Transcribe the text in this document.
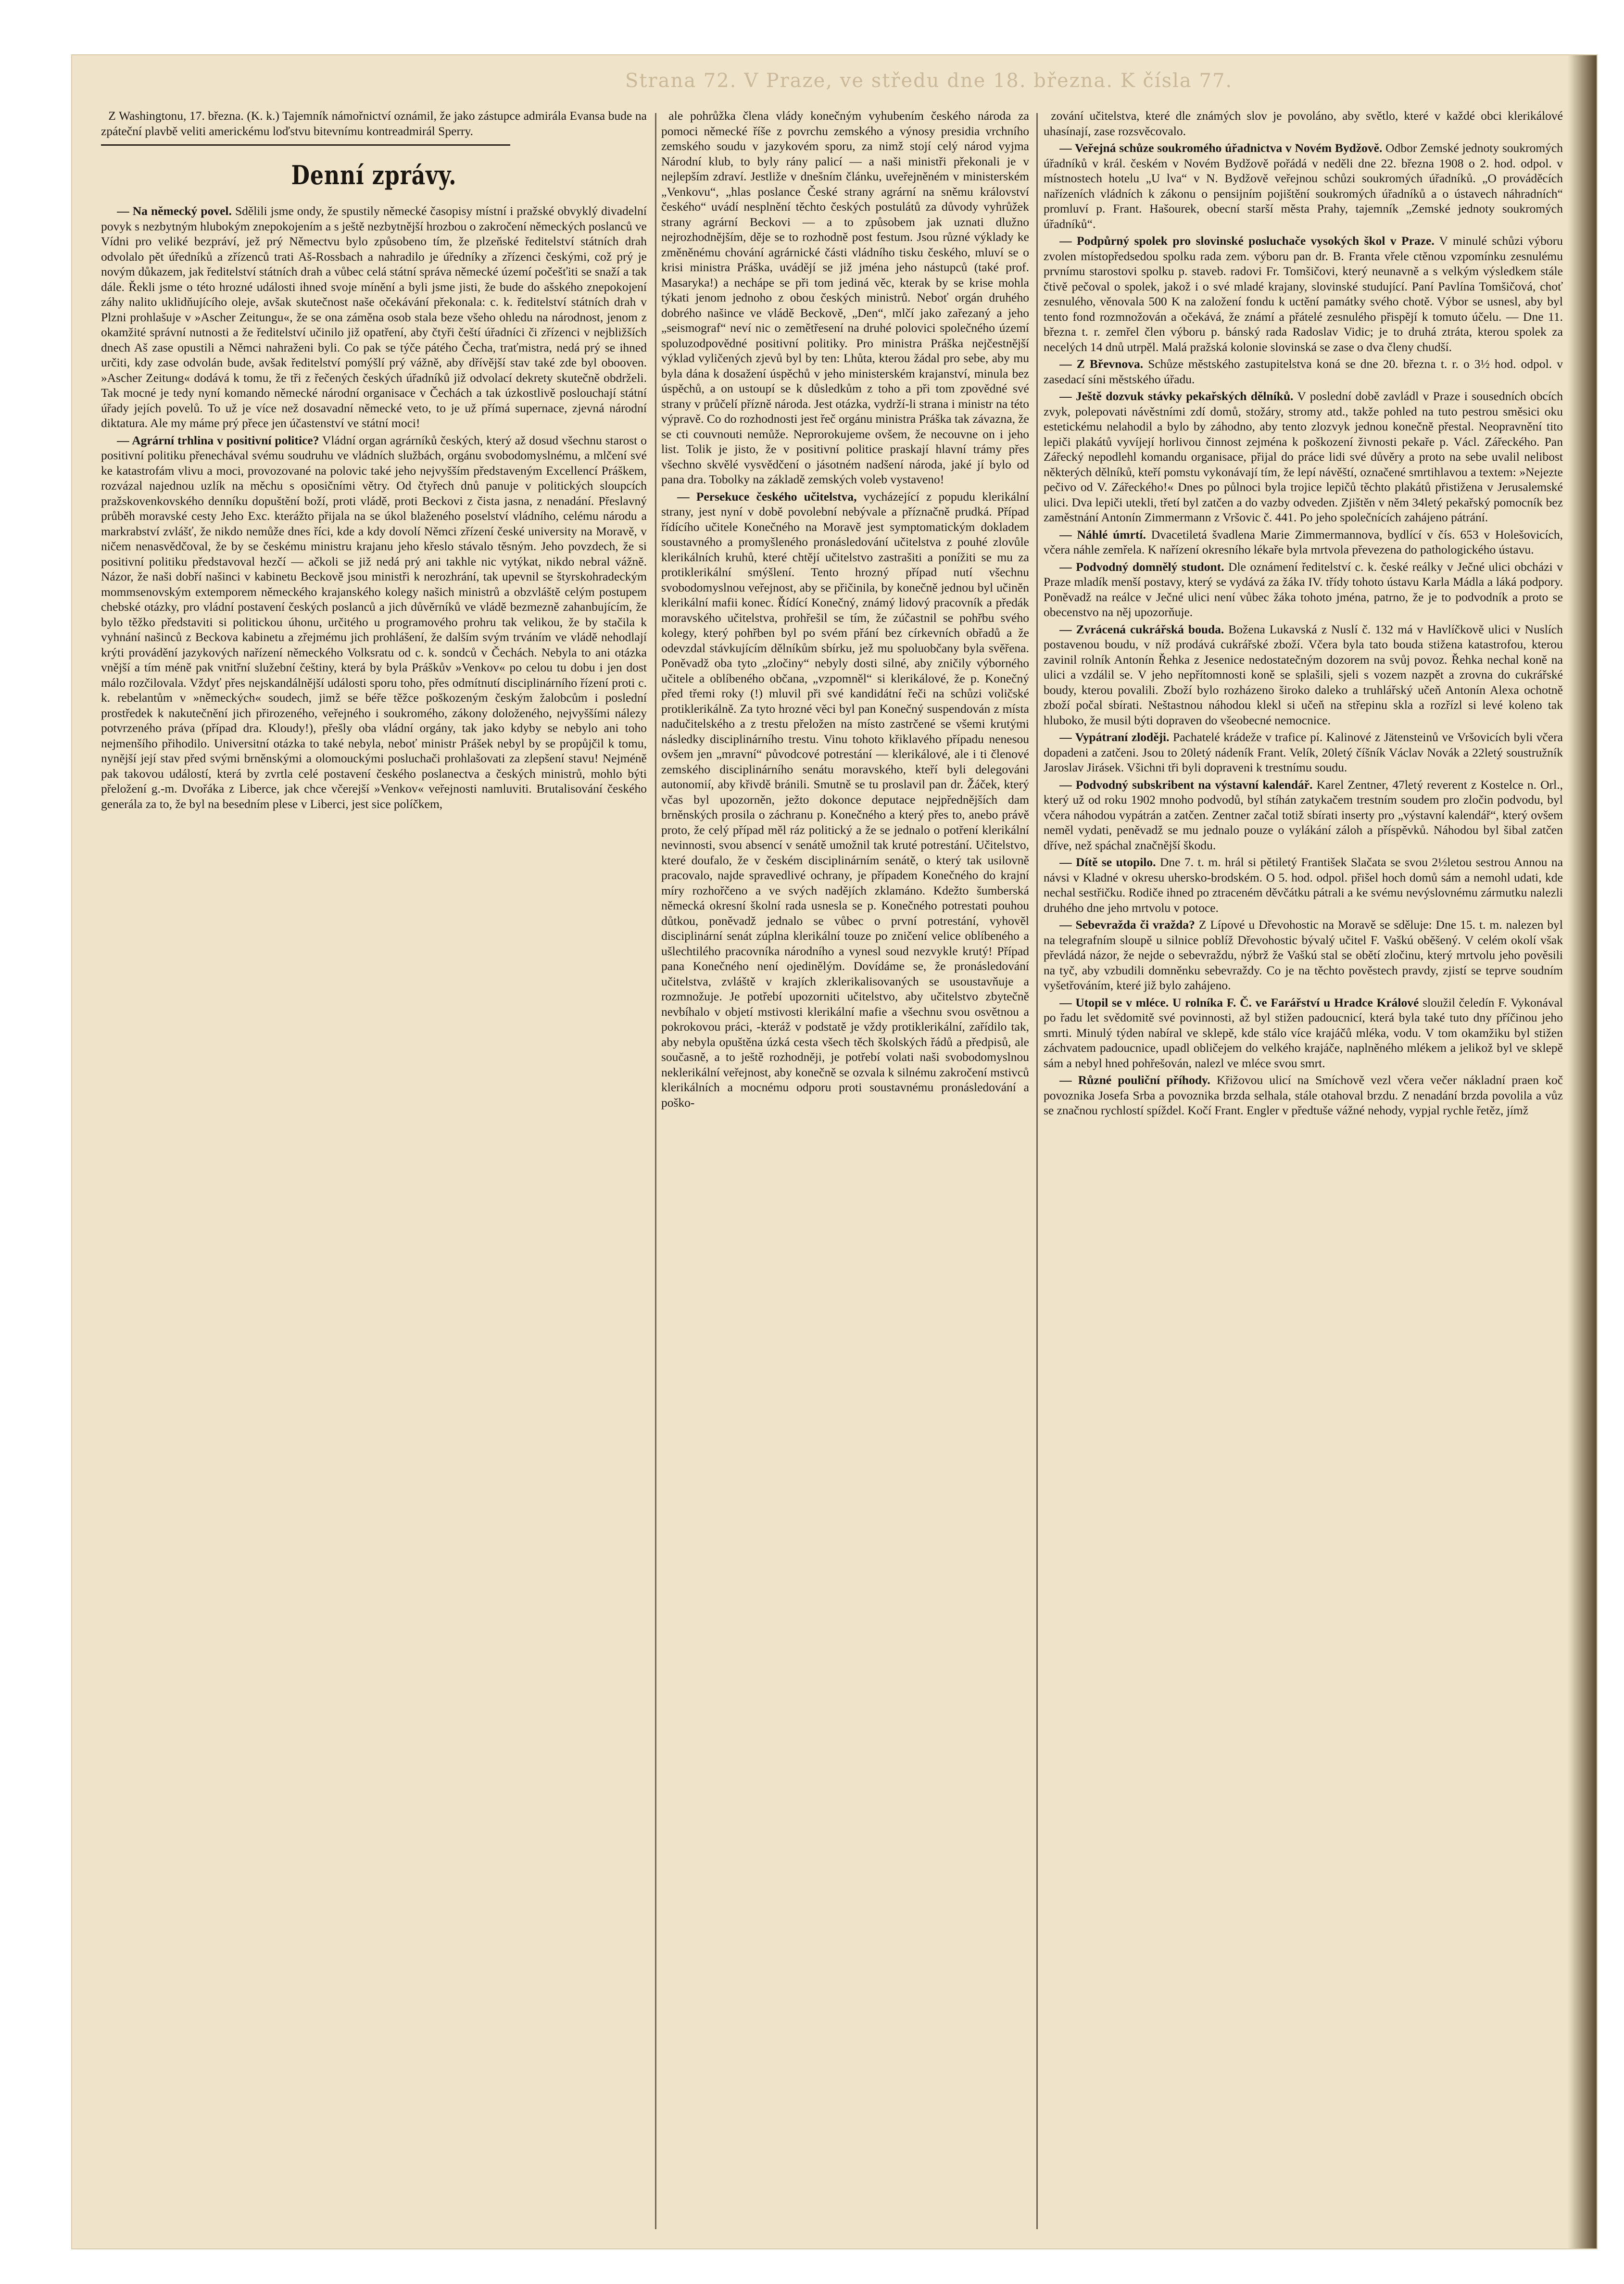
Strana 72. V Praze, ve středu dne 18. března. K čísla 77.

Z Washingtonu, 17. března. (K. k.) Tajemník námořnictví oznámil, že jako zástupce admirála Evansa bude na zpáteční plavbě veliti americkému loďstvu bitevnímu kontreadmirál Sperry.

Denní zprávy.

— Na německý povel. Sdělili jsme ondy, že spustily německé časopisy místní i pražské obvyklý divadelní povyk s nezbytným hlubokým znepokojením a s ještě nezbytnější hrozbou o zakročení německých poslanců ve Vídni pro veliké bezpráví, jež prý Němectvu bylo způsobeno tím, že plzeňské ředitelství státních drah odvolalo pět úředníků a zřízenců trati Aš-Rossbach a nahradilo je úředníky a zřízenci českými, což prý je novým důkazem, jak ředitelství státních drah a vůbec celá státní správa německé území počešťiti se snaží a tak dále. Řekli jsme o této hrozné události ihned svoje mínění a byli jsme jisti, že bude do ašského znepokojení záhy nalito uklidňujícího oleje, avšak skutečnost naše očekávání překonala: c. k. ředitelství státních drah v Plzni prohlašuje v »Ascher Zeitungu«, že se ona záměna osob stala beze všeho ohledu na národnost, jenom z okamžité správní nutnosti a že ředitelství učinilo již opatření, aby čtyři čeští úřadníci či zřízenci v nejbližších dnech Aš zase opustili a Němci nahraženi byli. Co pak se týče pátého Čecha, traťmistra, nedá prý se ihned určiti, kdy zase odvolán bude, avšak ředitelství pomýšlí prý vážně, aby dřívější stav také zde byl obooven. »Ascher Zeitung« dodává k tomu, že tři z řečených českých úřadníků již odvolací dekrety skutečně obdrželi. Tak mocné je tedy nyní komando německé národní organisace v Čechách a tak úzkostlivě poslouchají státní úřady jejích povelů. To už je více než dosavadní německé veto, to je už přímá supernace, zjevná národní diktatura. Ale my máme prý přece jen účastenství ve státní moci!

— Agrární trhlina v positivní politice? Vládní organ agrárníků českých, který až dosud všechnu starost o positivní politiku přenechával svému soudruhu ve vládních službách, orgánu svobodomyslnému, a mlčení své ke katastrofám vlivu a moci, provozované na polovic také jeho nejvyšším představeným Excellencí Práškem, rozvázal najednou uzlík na měchu s oposičními větry. Od čtyřech dnů panuje v politických sloupcích pražskovenkovského denníku dopuštění boží, proti vládě, proti Beckovi z čista jasna, z nenadání. Přeslavný průběh moravské cesty Jeho Exc. kterážto přijala na se úkol blaženého poselství vládního, celému národu a markrabství zvlášť, že nikdo nemůže dnes říci, kde a kdy dovolí Němci zřízení české university na Moravě, v ničem nenasvědčoval, že by se českému ministru krajanu jeho křeslo stávalo těsným. Jeho povzdech, že si positivní politiku představoval hezčí — ačkoli se již nedá prý ani takhle nic vytýkat, nikdo nebral vážně. Názor, že naši dobří našinci v kabinetu Beckově jsou ministři k nerozhrání, tak upevnil se štyrskohradeckým mommsenovským extemporem německého krajanského kolegy našich ministrů a obzvláště celým postupem chebské otázky, pro vládní postavení českých poslanců a jich důvěrníků ve vládě bezmezně zahanbujícím, že bylo těžko představiti si politickou úhonu, určitého u programového prohru tak velikou, že by stačila k vyhnání našinců z Beckova kabinetu a zřejmému jich prohlášení, že dalším svým trváním ve vládě nehodlají krýti provádění jazykových nařízení německého Volksratu od c. k. sondců v Čechách. Nebyla to ani otázka vnější a tím méně pak vnitřní služební češtiny, která by byla Práškův »Venkov« po celou tu dobu i jen dost málo rozčilovala. Vždyť přes nejskandálnější události sporu toho, přes odmítnutí disciplinárního řízení proti c. k. rebelantům v »německých« soudech, jimž se béře těžce poškozeným českým žalobcům i poslední prostředek k nakutečnění jich přirozeného, veřejného i soukromého, zákony doloženého, nejvyššími nálezy potvrzeného práva (případ dra. Kloudy!), přešly oba vládní orgány, tak jako kdyby se nebylo ani toho nejmenšího přihodilo. Universitní otázka to také nebyla, neboť ministr Prášek nebyl by se propůjčil k tomu, nynější její stav před svými brněnskými a olomouckými posluchači prohlašovati za zlepšení stavu! Nejméně pak takovou událostí, která by zvrtla celé postavení českého poslanectva a českých ministrů, mohlo býti přeložení g.-m. Dvořáka z Liberce, jak chce včerejší »Venkov« veřejnosti namluviti. Brutalisování českého generála za to, že byl na besedním plese v Liberci, jest sice políčkem,

ale pohrůžka člena vlády konečným vyhubením českého národa za pomoci německé říše z povrchu zemského a výnosy presidia vrchního zemského soudu v jazykovém sporu, za nimž stojí celý národ vyjma Národní klub, to byly rány palicí — a naši ministři překonali je v nejlepším zdraví. Jestliže v dnešním článku, uveřejněném v ministerském „Venkovu“, „hlas poslance České strany agrární na sněmu království českého“ uvádí nesplnění těchto českých postulátů za důvody vyhrůžek strany agrární Beckovi — a to způsobem jak uznati dlužno nejrozhodnějším, děje se to rozhodně post festum. Jsou různé výklady ke změněnému chování agrárnické části vládního tisku českého, mluví se o krisi ministra Práška, uvádějí se již jména jeho nástupců (také prof. Masaryka!) a nechápe se při tom jediná věc, kterak by se krise mohla týkati jenom jednoho z obou českých ministrů. Neboť orgán druhého dobrého našince ve vládě Beckově, „Den“, mlčí jako zařezaný a jeho „seismograf“ neví nic o zemětřesení na druhé polovici společného území spoluzodpovědné positivní politiky. Pro ministra Práška nejčestnější výklad vyličených zjevů byl by ten: Lhůta, kterou žádal pro sebe, aby mu byla dána k dosažení úspěchů v jeho ministerském krajanství, minula bez úspěchů, a on ustoupí se k důsledkům z toho a při tom zpovědné své strany v průčelí přízně národa. Jest otázka, vydrží-li strana i ministr na této výpravě. Co do rozhodnosti jest řeč orgánu ministra Práška tak závazna, že se cti couvnouti nemůže. Neprorokujeme ovšem, že necouvne on i jeho list. Tolik je jisto, že v positivní politice praskají hlavní trámy přes všechno skvělé vysvědčení o jásotném nadšení národa, jaké jí bylo od pana dra. Tobolky na základě zemských voleb vystaveno!

— Persekuce českého učitelstva, vycházející z popudu klerikální strany, jest nyní v době povolební nebývale a příznačně prudká. Případ řídícího učitele Konečného na Moravě jest symptomatickým dokladem soustavného a promyšleného pronásledování učitelstva z pouhé zlovůle klerikálních kruhů, které chtějí učitelstvo zastrašiti a ponížiti se mu za protiklerikální smýšlení. Tento hrozný případ nutí všechnu svobodomyslnou veřejnost, aby se přičinila, by konečně jednou byl učiněn klerikální mafii konec. Řídící Konečný, známý lidový pracovník a předák moravského učitelstva, prohřešil se tím, že zúčastnil se pohřbu svého kolegy, který pohřben byl po svém přání bez církevních obřadů a že odevzdal stávkujícím dělníkům sbírku, jež mu spoluobčany byla svěřena. Poněvadž oba tyto „zločiny“ nebyly dosti silné, aby zničily výborného učitele a oblíbeného občana, „vzpomněl“ si klerikálové, že p. Konečný před třemi roky (!) mluvil při své kandidátní řeči na schůzi voličské protiklerikálně. Za tyto hrozné věci byl pan Konečný suspendován z místa nadučitelského a z trestu přeložen na místo zastrčené se všemi krutými následky disciplinárního trestu. Vinu tohoto křiklavého případu nenesou ovšem jen „mravní“ původcové potrestání — klerikálové, ale i ti členové zemského disciplinárního senátu moravského, kteří byli delegováni autonomií, aby křivdě bránili. Smutně se tu proslavil pan dr. Žáček, který včas byl upozorněn, ježto dokonce deputace nejpřednějších dam brněnských prosila o záchranu p. Konečného a který přes to, anebo právě proto, že celý případ měl ráz politický a že se jednalo o potření klerikální nevinnosti, svou absencí v senátě umožnil tak kruté potrestání. Učitelstvo, které doufalo, že v českém disciplinárním senátě, o který tak usilovně pracovalo, najde spravedlivé ochrany, je případem Konečného do krajní míry rozhořčeno a ve svých nadějích zklamáno. Kdežto šumberská německá okresní školní rada usnesla se p. Konečného potrestati pouhou důtkou, poněvadž jednalo se vůbec o první potrestání, vyhověl disciplinární senát zúplna klerikální touze po zničení velice oblíbeného a ušlechtilého pracovníka národního a vynesl soud nezvykle krutý! Případ pana Konečného není ojedinělým. Dovídáme se, že pronásledování učitelstva, zvláště v krajích zklerikalisovaných se usoustavňuje a rozmnožuje. Je potřebí upozorniti učitelstvo, aby učitelstvo zbytečně nevbíhalo v objetí mstivosti klerikální mafie a všechnu svou osvětnou a pokrokovou práci, -kteráž v podstatě je vždy protiklerikální, zařídilo tak, aby nebyla opuštěna úzká cesta všech těch školských řádů a předpisů, ale současně, a to ještě rozhodněji, je potřebí volati naši svobodomyslnou neklerikální veřejnost, aby konečně se ozvala k silnému zakročení mstivců klerikálních a mocnému odporu proti soustavnému pronásledování a poško-

zování učitelstva, které dle známých slov je povoláno, aby světlo, které v každé obci klerikálové uhasínají, zase rozsvěcovalo.

— Veřejná schůze soukromého úřadnictva v Novém Bydžově. Odbor Zemské jednoty soukromých úřadníků v král. českém v Novém Bydžově pořádá v neděli dne 22. března 1908 o 2. hod. odpol. v místnostech hotelu „U lva“ v N. Bydžově veřejnou schůzi soukromých úřadníků. „O prováděcích nařízeních vládních k zákonu o pensijním pojištění soukromých úřadníků a o ústavech náhradních“ promluví p. Frant. Hašourek, obecní starší města Prahy, tajemník „Zemské jednoty soukromých úřadníků“.

— Podpůrný spolek pro slovinské posluchače vysokých škol v Praze. V minulé schůzi výboru zvolen místopředsedou spolku rada zem. výboru pan dr. B. Franta vřele ctěnou vzpomínku zesnulému prvnímu starostovi spolku p. staveb. radovi Fr. Tomšičovi, který neunavně a s velkým výsledkem stále čtivě pečoval o spolek, jakož i o své mladé krajany, slovinské studující. Paní Pavlína Tomšičová, choť zesnulého, věnovala 500 K na založení fondu k uctění památky svého chotě. Výbor se usnesl, aby byl tento fond rozmnožován a očekává, že známí a přátelé zesnulého přispějí k tomuto účelu. — Dne 11. března t. r. zemřel člen výboru p. bánský rada Radoslav Vidic; je to druhá ztráta, kterou spolek za necelých 14 dnů utrpěl. Malá pražská kolonie slovinská se zase o dva členy chudší.

— Z Břevnova. Schůze městského zastupitelstva koná se dne 20. března t. r. o 3½ hod. odpol. v zasedací síni městského úřadu.

— Ještě dozvuk stávky pekařských dělníků. V poslední době zavládl v Praze i sousedních obcích zvyk, polepovati návěstními zdí domů, stožáry, stromy atd., takže pohled na tuto pestrou směsici oku estetickému nelahodil a bylo by záhodno, aby tento zlozvyk jednou konečně přestal. Neopravnění tito lepiči plakátů vyvíjejí horlivou činnost zejména k poškození živnosti pekaře p. Václ. Zářeckého. Pan Zářecký nepodlehl komandu organisace, přijal do práce lidi své důvěry a proto na sebe uvalil nelibost některých dělníků, kteří pomstu vykonávají tím, že lepí návěští, označené smrtihlavou a textem: »Nejezte pečivo od V. Zářeckého!« Dnes po půlnoci byla trojice lepičů těchto plakátů přistižena v Jerusalemské ulici. Dva lepiči utekli, třetí byl zatčen a do vazby odveden. Zjištěn v něm 34letý pekařský pomocník bez zaměstnání Antonín Zimmermann z Vršovic č. 441. Po jeho společnících zahájeno pátrání.

— Náhlé úmrtí. Dvacetiletá švadlena Marie Zimmermannova, bydlící v čís. 653 v Holešovicích, včera náhle zemřela. K nařízení okresního lékaře byla mrtvola převezena do pathologického ústavu.

— Podvodný domnělý studont. Dle oznámení ředitelství c. k. české reálky v Ječné ulici obcházi v Praze mladík menší postavy, který se vydává za žáka IV. třídy tohoto ústavu Karla Mádla a láká podpory. Poněvadž na reálce v Ječné ulici není vůbec žáka tohoto jména, patrno, že je to podvodník a proto se obecenstvo na něj upozorňuje.

— Zvrácená cukrářská bouda. Božena Lukavská z Nuslí č. 132 má v Havlíčkově ulici v Nuslích postavenou boudu, v níž prodává cukrářské zboží. Včera byla tato bouda stižena katastrofou, kterou zavinil rolník Antonín Řehka z Jesenice nedostatečným dozorem na svůj povoz. Řehka nechal koně na ulici a vzdálil se. V jeho nepřítomnosti koně se splašili, sjeli s vozem nazpět a zrovna do cukrářské boudy, kterou povalili. Zboží bylo rozházeno široko daleko a truhlářský učeň Antonín Alexa ochotně zboží počal sbírati. Neštastnou náhodou klekl si učeň na střepinu skla a rozřízl si levé koleno tak hluboko, že musil býti dopraven do všeobecné nemocnice.

— Vypátraní zloději. Pachatelé krádeže v trafice pí. Kalinové z Jätensteinů ve Vršovicích byli včera dopadeni a zatčeni. Jsou to 20letý nádeník Frant. Velík, 20letý číšník Václav Novák a 22letý soustružník Jaroslav Jirásek. Všichni tři byli dopraveni k trestnímu soudu.

— Podvodný subskribent na výstavní kalendář. Karel Zentner, 47letý reverent z Kostelce n. Orl., který už od roku 1902 mnoho podvodů, byl stíhán zatykačem trestním soudem pro zločin podvodu, byl včera náhodou vypátrán a zatčen. Zentner začal totiž sbírati inserty pro „výstavní kalendář“, který ovšem neměl vydati, peněvadž se mu jednalo pouze o vylákání záloh a příspěvků. Náhodou byl šibal zatčen dříve, než spáchal značnější škodu.

— Dítě se utopilo. Dne 7. t. m. hrál si pětiletý František Slačata se svou 2½letou sestrou Annou na návsi v Kladné v okresu uhersko-brodském. O 5. hod. odpol. přišel hoch domů sám a nemohl udati, kde nechal sestřičku. Rodiče ihned po ztraceném děvčátku pátrali a ke svému nevýslovnému zármutku nalezli druhého dne jeho mrtvolu v potoce.

— Sebevražda či vražda? Z Lípové u Dřevohostic na Moravě se sděluje: Dne 15. t. m. nalezen byl na telegrafním sloupě u silnice poblíž Dřevohostic bývalý učitel F. Vaškú oběšený. V celém okolí však převládá názor, že nejde o sebevraždu, nýbrž že Vaškú stal se obětí zločinu, který mrtvolu jeho pověsili na tyč, aby vzbudili domněnku sebevraždy. Co je na těchto pověstech pravdy, zjistí se teprve soudním vyšetřováním, které již bylo zahájeno.

— Utopil se v mléce. U rolníka F. Č. ve Farářství u Hradce Králové sloužil čeledín F. Vykonával po řadu let svědomitě své povinnosti, až byl stižen padoucnicí, která byla také tuto dny příčinou jeho smrti. Minulý týden nabíral ve sklepě, kde stálo více krajáčů mléka, vodu. V tom okamžiku byl stižen záchvatem padoucnice, upadl obličejem do velkého krajáče, naplněného mlékem a jelikož byl ve sklepě sám a nebyl hned pohřešován, nalezl ve mléce svou smrt.

— Různé pouliční příhody. Křižovou ulicí na Smíchově vezl včera večer nákladní praen koč povoznika Josefa Srba a povoznika brzda selhala, stále otahoval brzdu. Z nenadání brzda povolila a vůz se značnou rychlostí spíždel. Kočí Frant. Engler v předtuše vážné nehody, vypjal rychle řetěz, jímž
